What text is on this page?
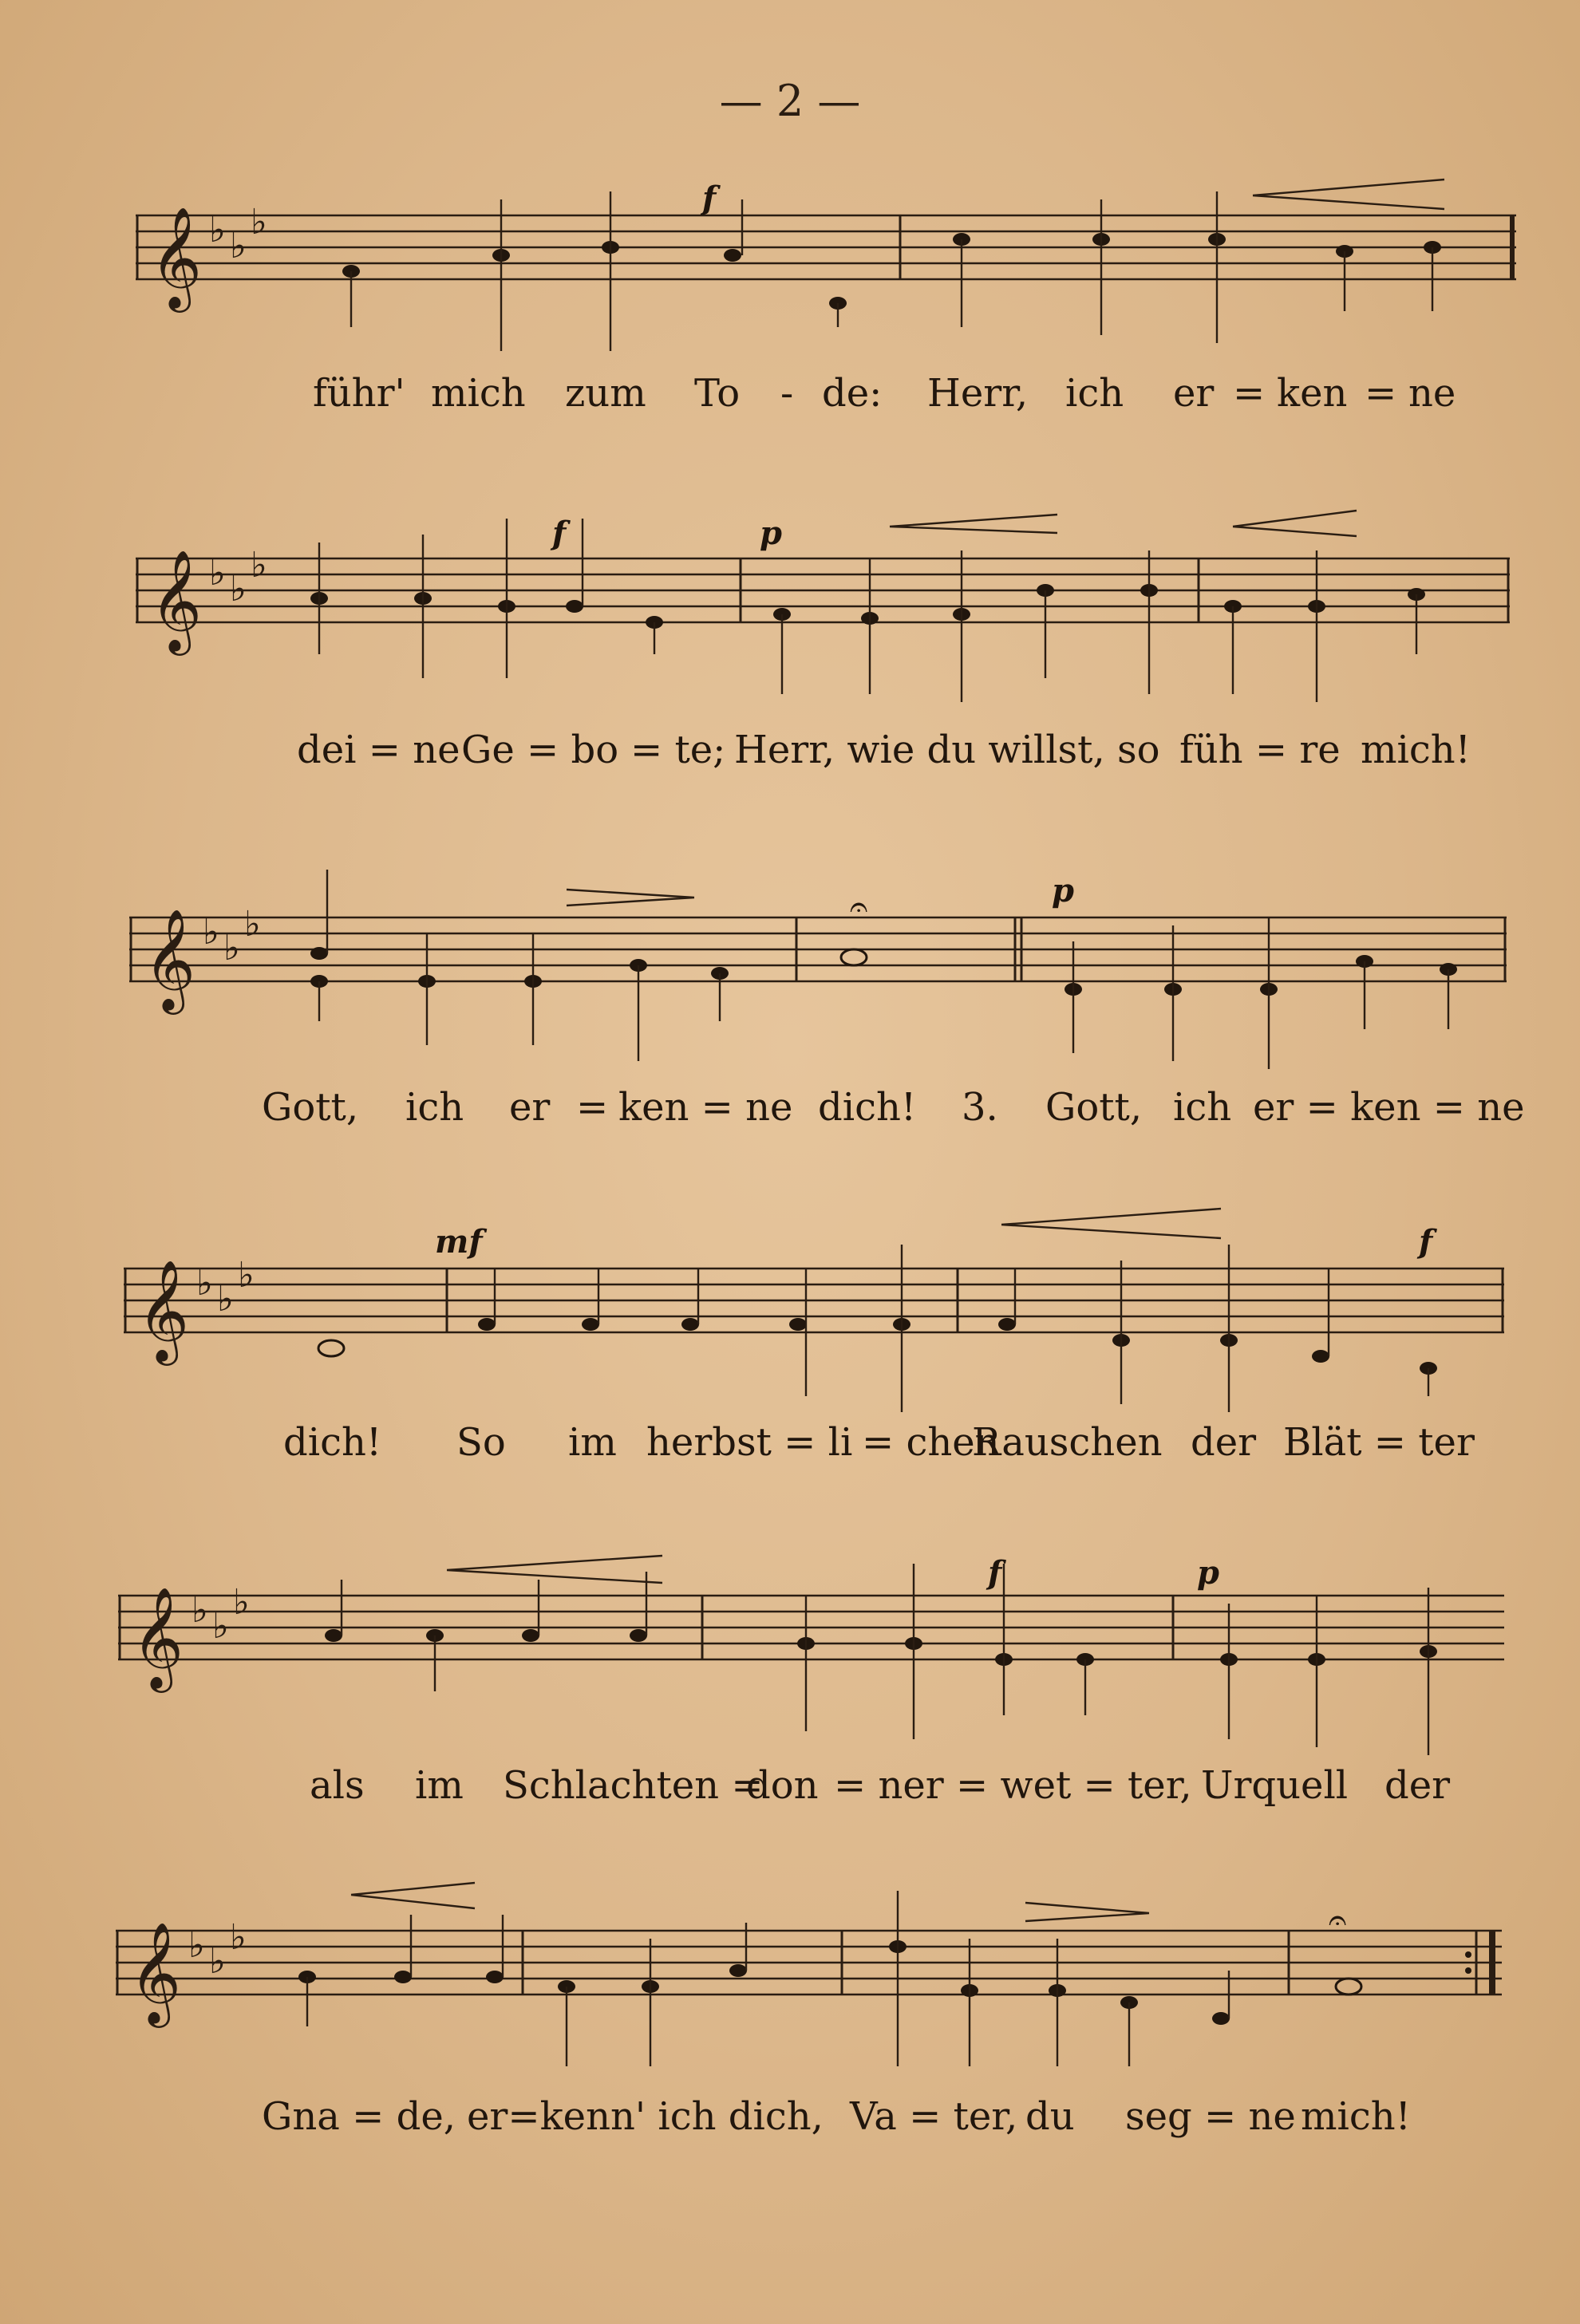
— 2 —
𝄞 ♭ ♭
♭
f
führ' mich zum To - de: Herr, ich er = ken = ne
𝄞 ♭ ♭
♭
f	p
dei = ne Ge = bo = te; Herr, wie du willst, so füh = re mich!
𝄞 ♭ ♭
♭
p
𝄐
Gott, ich er = ken = ne dich! 3. Gott, ich er = ken = ne
𝄞 ♭ ♭
♭
mf	f
dich! So im herbst = li = chen
Rauschen der Blät = ter
𝄞 ♭ ♭
♭
f	p
als im Schlachten =
don = ner = wet = ter, Urquell der
𝄞 ♭ ♭
♭	𝄐
Gna = de, er=kenn' ich dich, Va = ter, du seg = ne mich!
